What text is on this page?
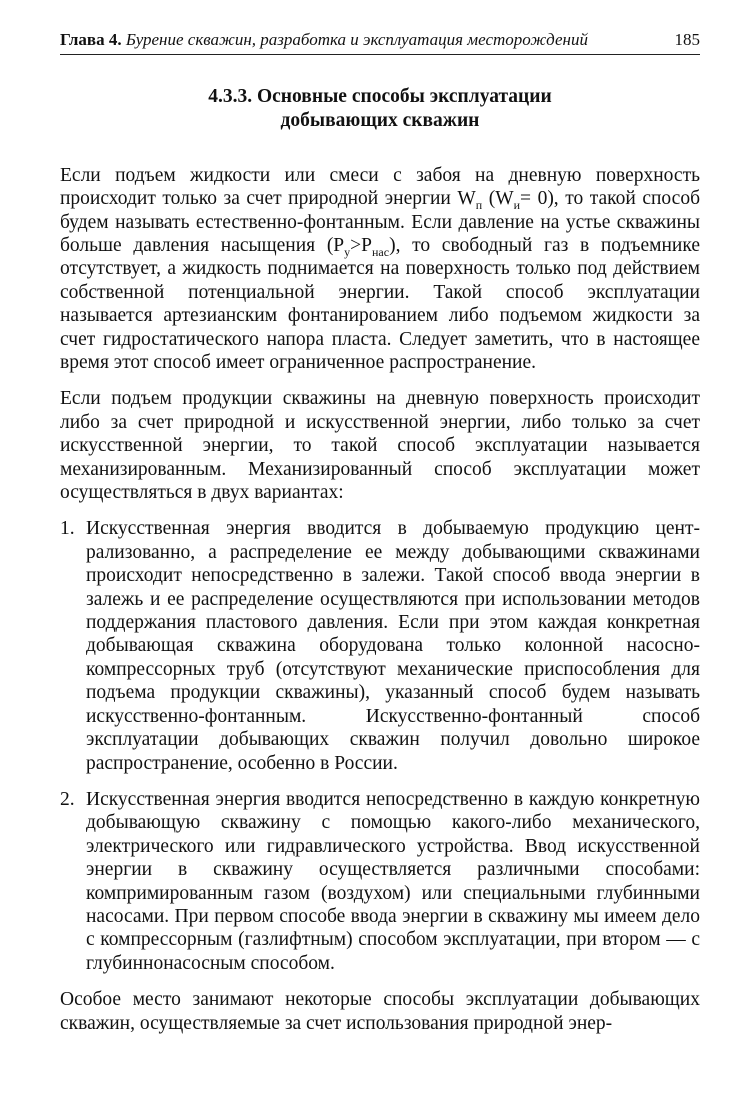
Глава 4. Бурение скважин, разработка и эксплуатация месторождений	185
4.3.3. Основные способы эксплуатации
добывающих скважин

Если подъем жидкости или смеси с забоя на дневную поверхность происходит только за счет природной энергии $W_п$ $(W_и= 0)$, то такой способ будем называть естественно-фонтанным. Если давление на устье скважины больше давления насыщения $(P_у>P_{нас})$, то свободный газ в подъемнике отсутствует, а жидкость поднимается на поверхность только под действием собственной потенциальной энергии. Такой способ эксплуатации называется артезианским фонтанированием либо подъемом жидкости за счет гидростатического напора пласта. Следует заметить, что в настоящее время этот способ имеет ограниченное распространение.

Если подъем продукции скважины на дневную поверхность происходит либо за счет природной и искусственной энергии, либо только за счет искусственной энергии, то такой способ эксплуатации называется механизированным. Механизированный способ эксплуатации может осуществляться в двух вариантах:

1. Искусственная энергия вводится в добываемую продукцию централизованно, а распределение ее между добывающими скважинами происходит непосредственно в залежи. Такой способ ввода энергии в залежь и ее распределение осуществляются при использовании методов поддержания пластового давления. Если при этом каждая конкретная добывающая скважина оборудована только колонной насосно-компрессорных труб (отсутствуют механические приспособления для подъема продукции скважины), указанный способ будем называть искусственно-фонтанным. Искусственно-фонтанный способ эксплуатации добывающих скважин получил довольно широкое распространение, особенно в России.
2. Искусственная энергия вводится непосредственно в каждую конкретную добывающую скважину с помощью какого-либо механического, электрического или гидравлического устройства. Ввод искусственной энергии в скважину осуществляется различными способами: компримированным газом (воздухом) или специальными глубинными насосами. При первом способе ввода энергии в скважину мы имеем дело с компрессорным (газлифтным) способом эксплуатации, при втором — с глубиннонасосным способом.

Особое место занимают некоторые способы эксплуатации добывающих скважин, осуществляемые за счет использования природной энер-
